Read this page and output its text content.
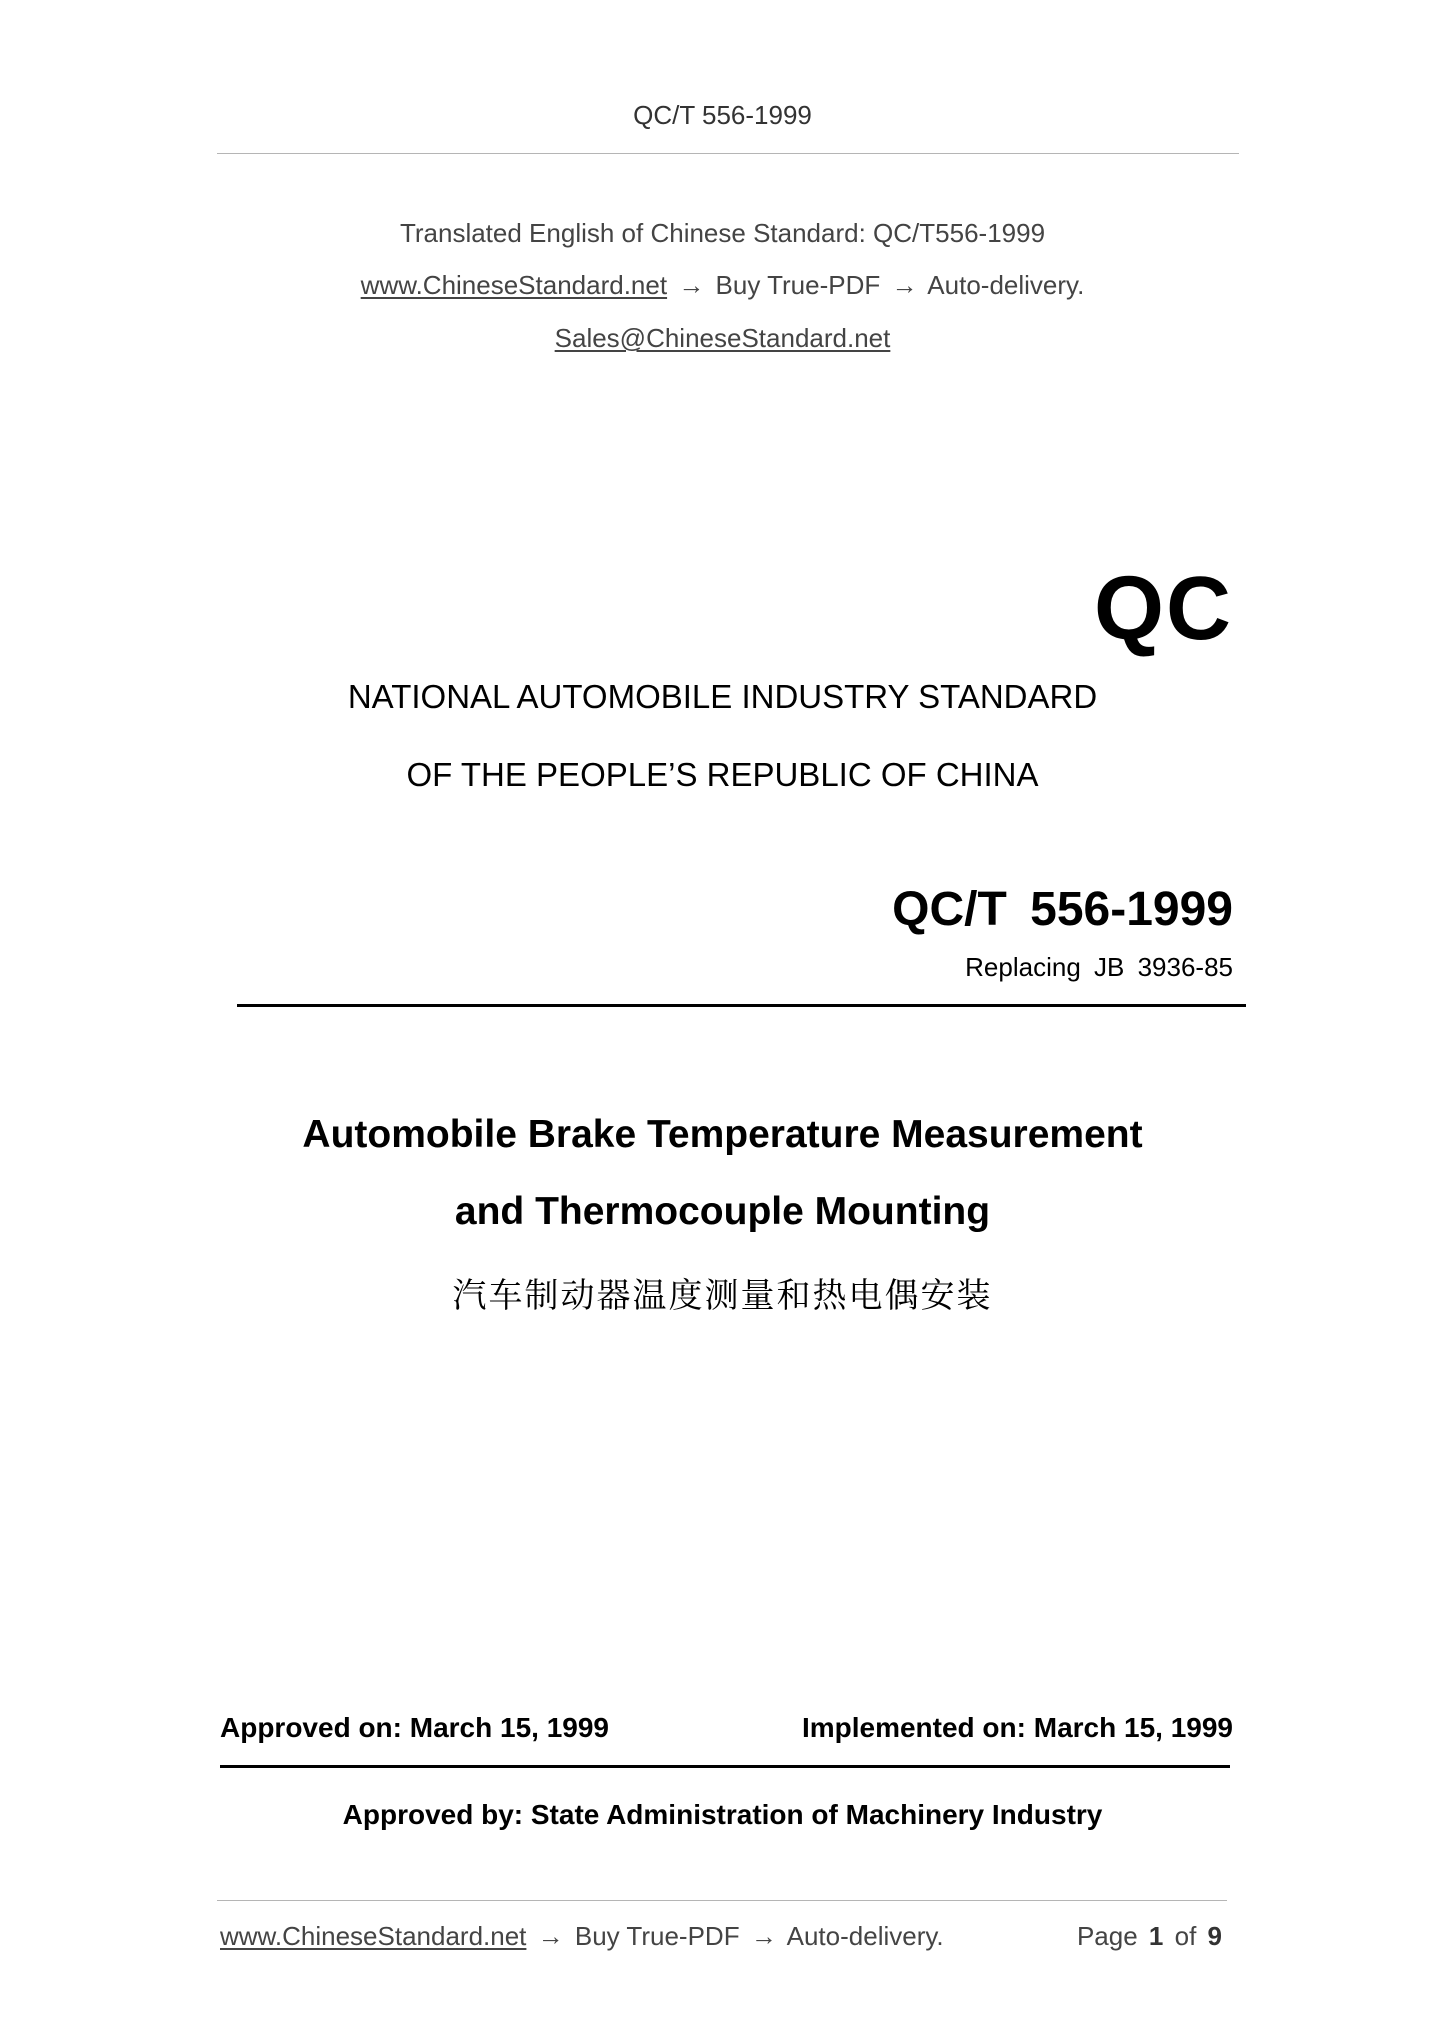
QC/T 556-1999
Translated English of Chinese Standard: QC/T556-1999
www.ChineseStandard.net → Buy True-PDF → Auto-delivery.
Sales@ChineseStandard.net
QC
NATIONAL AUTOMOBILE INDUSTRY STANDARD
OF THE PEOPLE’S REPUBLIC OF CHINA
QC/T 556-1999
Replacing JB 3936-85
Automobile Brake Temperature Measurement
and Thermocouple Mounting
汽车制动器温度测量和热电偶安装
Approved on: March 15, 1999	Implemented on: March 15, 1999
Approved by: State Administration of Machinery Industry
www.ChineseStandard.net → Buy True-PDF → Auto-delivery.	Page 1 of 9
